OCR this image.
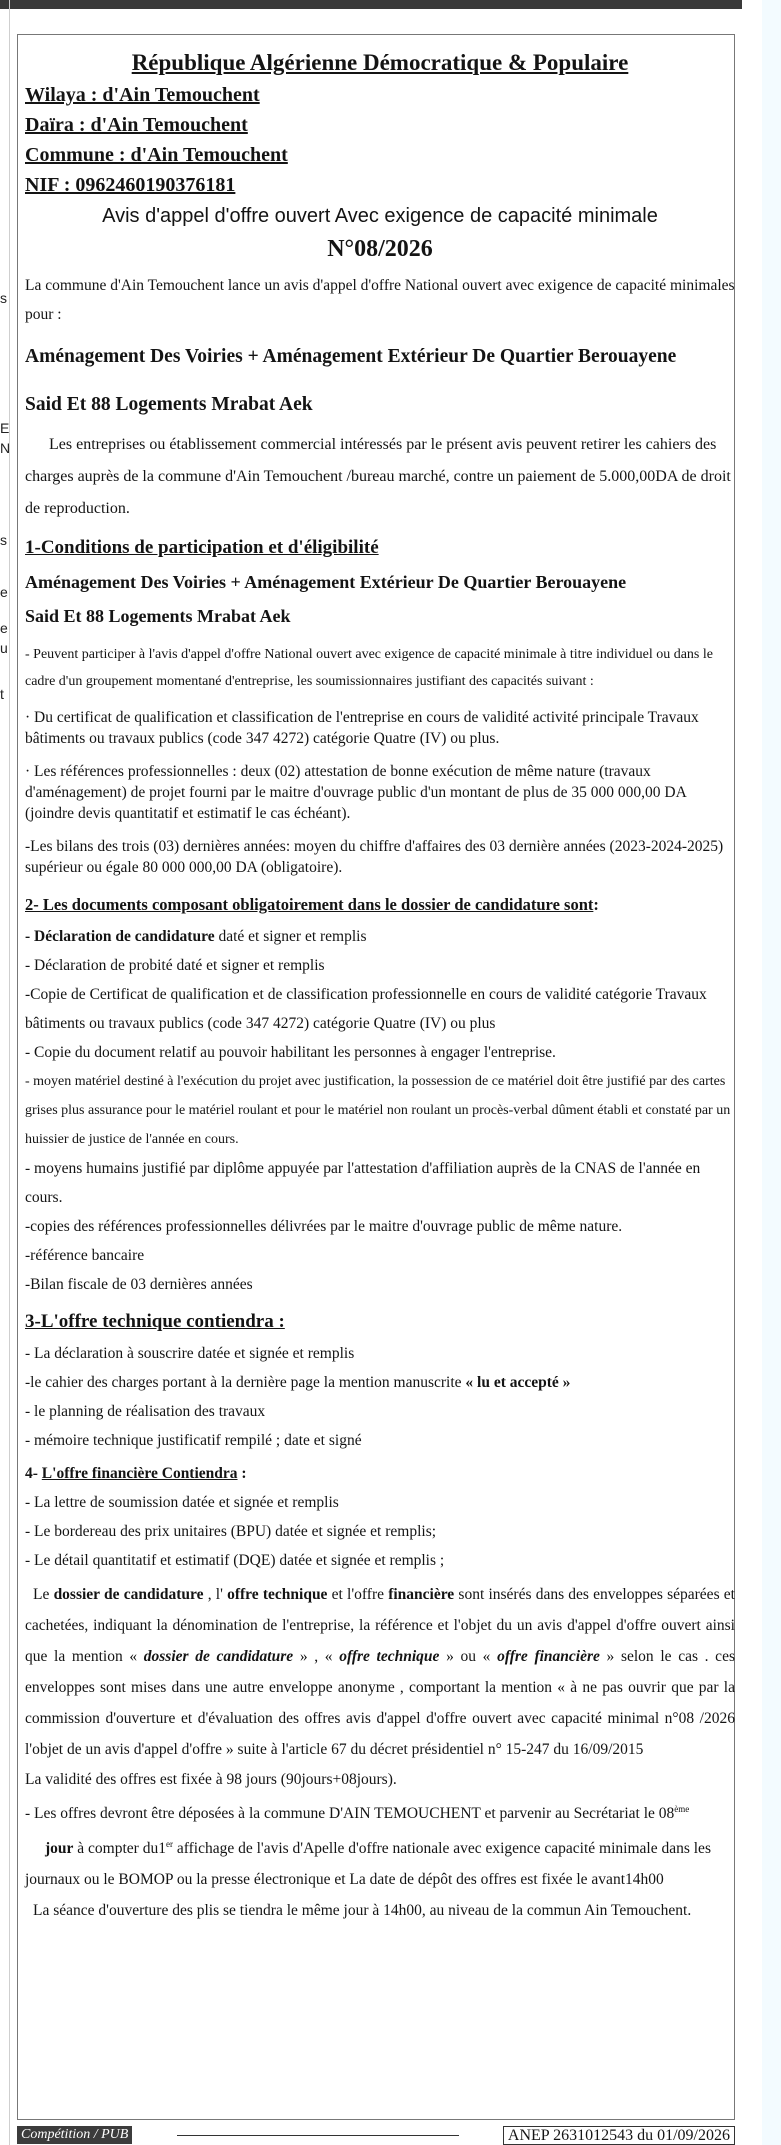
s
E
N
s
e
e
u
t

République Algérienne Démocratique & Populaire

Wilaya : d'Ain Temouchent

Daïra : d'Ain Temouchent

Commune : d'Ain Temouchent

NIF : 0962460190376181

Avis d'appel d'offre ouvert Avec exigence de capacité minimale

N°08/2026

La commune d'Ain Temouchent lance un avis d'appel d'offre National ouvert avec exigence de capacité minimales pour :

Aménagement Des Voiries + Aménagement Extérieur De Quartier Berouayene

Said Et 88 Logements Mrabat Aek

Les entreprises ou établissement commercial intéressés par le présent avis peuvent retirer les cahiers des charges auprès de la commune d'Ain Temouchent /bureau marché, contre un paiement de 5.000,00DA de droit de reproduction.

1-Conditions de participation et d'éligibilité

Aménagement Des Voiries + Aménagement Extérieur De Quartier Berouayene

Said Et 88 Logements Mrabat Aek

- Peuvent participer à l'avis d'appel d'offre National ouvert avec exigence de capacité minimale à titre individuel ou dans le cadre d'un groupement momentané d'entreprise, les soumissionnaires justifiant des capacités suivant :

· Du certificat de qualification et classification de l'entreprise en cours de validité activité principale Travaux bâtiments ou travaux publics (code 347 4272) catégorie Quatre (IV) ou plus.

· Les références professionnelles : deux (02) attestation de bonne exécution de même nature (travaux d'aménagement) de projet fourni par le maitre d'ouvrage public d'un montant de plus de 35 000 000,00 DA (joindre devis quantitatif et estimatif le cas échéant).

-Les bilans des trois (03) dernières années: moyen du chiffre d'affaires des 03 dernière années (2023-2024-2025) supérieur ou égale 80 000 000,00 DA (obligatoire).

2- Les documents composant obligatoirement dans le dossier de candidature sont:

- Déclaration de candidature daté et signer et remplis

- Déclaration de probité daté et signer et remplis

-Copie de Certificat de qualification et de classification professionnelle en cours de validité catégorie Travaux bâtiments ou travaux publics (code 347 4272) catégorie Quatre (IV) ou plus

- Copie du document relatif au pouvoir habilitant les personnes à engager l'entreprise.

- moyen matériel destiné à l'exécution du projet avec justification, la possession de ce matériel doit être justifié par des cartes grises plus assurance pour le matériel roulant et pour le matériel non roulant un procès-verbal dûment établi et constaté par un huissier de justice de l'année en cours.

- moyens humains justifié par diplôme appuyée par l'attestation d'affiliation auprès de la CNAS de l'année en cours.

-copies des références professionnelles délivrées par le maitre d'ouvrage public de même nature.

-référence bancaire

-Bilan fiscale de 03 dernières années

3-L'offre technique contiendra :

- La déclaration à souscrire datée et signée et remplis

-le cahier des charges portant à la dernière page la mention manuscrite « lu et accepté »

- le planning de réalisation des travaux

- mémoire technique justificatif rempilé ; date et signé

4- L'offre financière Contiendra :

- La lettre de soumission datée et signée et remplis

- Le bordereau des prix unitaires (BPU) datée et signée et remplis;

- Le détail quantitatif et estimatif (DQE) datée et signée et remplis ;

Le dossier de candidature , l' offre technique et l'offre financière sont insérés dans des enveloppes séparées et cachetées, indiquant la dénomination de l'entreprise, la référence et l'objet du un avis d'appel d'offre ouvert ainsi que la mention « dossier de candidature » , « offre technique » ou « offre financière » selon le cas . ces enveloppes sont mises dans une autre enveloppe anonyme , comportant la mention « à ne pas ouvrir que par la commission d'ouverture et d'évaluation des offres avis d'appel d'offre ouvert avec capacité minimal n°08 /2026 l'objet de un avis d'appel d'offre » suite à l'article 67 du décret présidentiel n° 15-247 du 16/09/2015

La validité des offres est fixée à 98 jours (90jours+08jours).

- Les offres devront être déposées à la commune D'AIN TEMOUCHENT et parvenir au Secrétariat le 08ème
jour à compter du1er affichage de l'avis d'Apelle d'offre nationale avec exigence capacité minimale dans les journaux ou le BOMOP ou la presse électronique et La date de dépôt des offres est fixée le avant14h00

La séance d'ouverture des plis se tiendra le même jour à 14h00, au niveau de la commun Ain Temouchent.

Compétition / PUB	ANEP 2631012543 du 01/09/2026
